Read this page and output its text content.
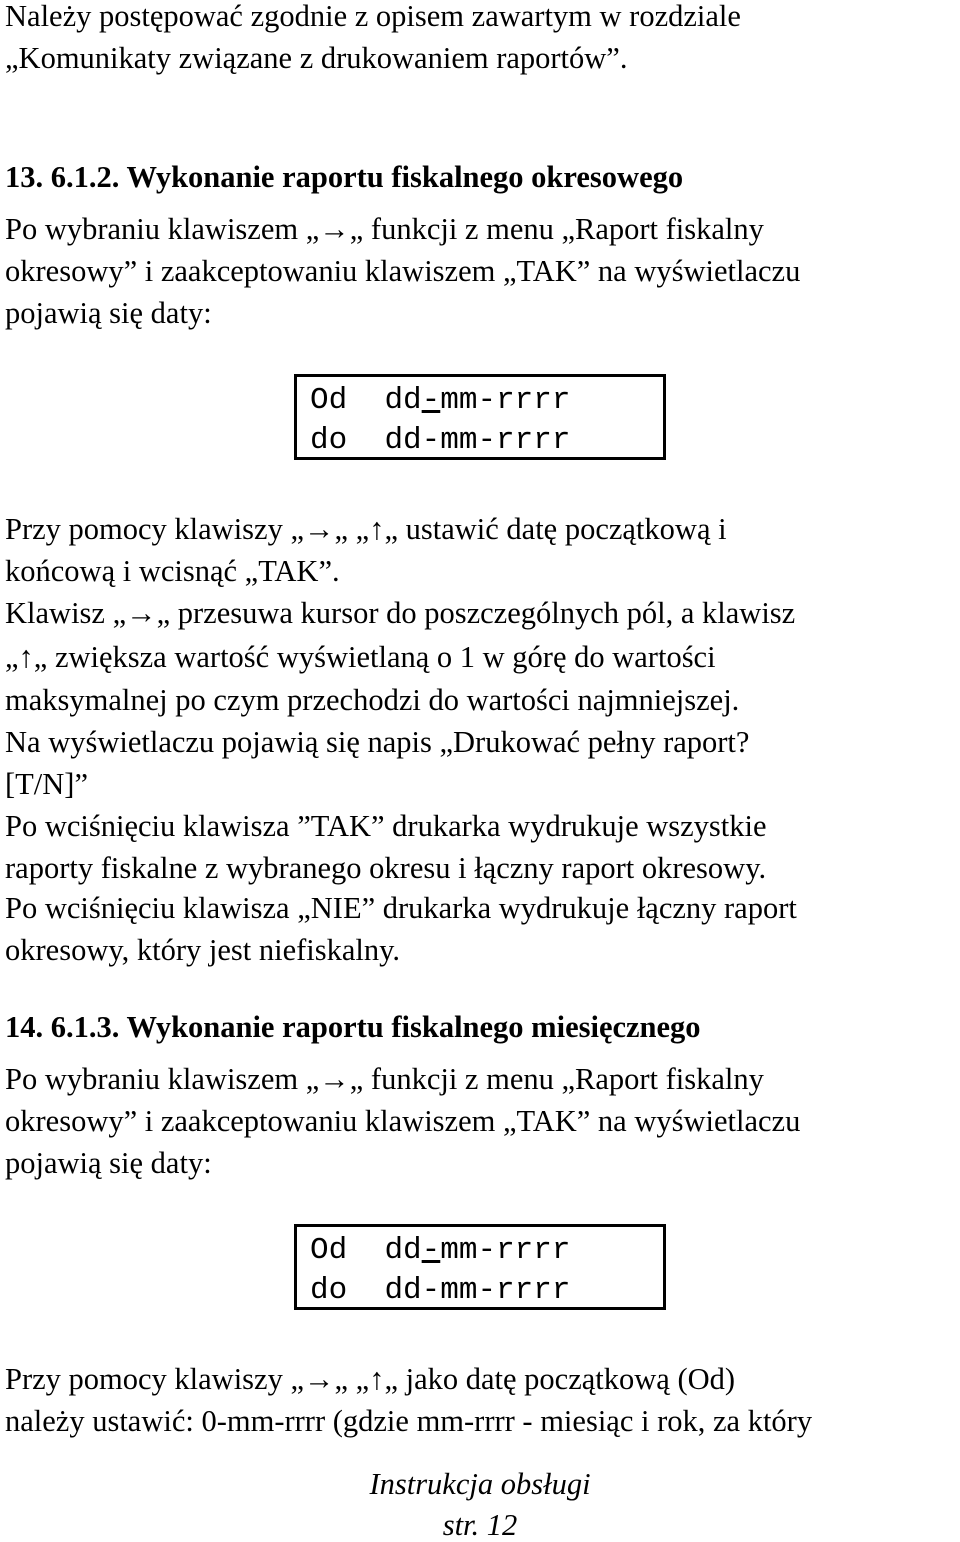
Należy postępować zgodnie z opisem zawartym w rozdziale

„Komunikaty związane z drukowaniem raportów”.

13. 6.1.2. Wykonanie raportu fiskalnego okresowego

Po wybraniu klawiszem „→„ funkcji z menu „Raport fiskalny

okresowy” i zaakceptowaniu klawiszem „TAK” na wyświetlaczu

pojawią się daty:

Od dd-mm-rrrr
do dd-mm-rrrr

Przy pomocy klawiszy „→„ „↑„ ustawić datę początkową i

końcową i wcisnąć „TAK”.

Klawisz „→„ przesuwa kursor do poszczególnych pól, a klawisz

„↑„ zwiększa wartość wyświetlaną o 1 w górę do wartości

maksymalnej po czym przechodzi do wartości najmniejszej.

Na wyświetlaczu pojawią się napis „Drukować pełny raport?

[T/N]”

Po wciśnięciu klawisza ”TAK” drukarka wydrukuje wszystkie

raporty fiskalne z wybranego okresu i łączny raport okresowy.

Po wciśnięciu klawisza „NIE” drukarka wydrukuje łączny raport

okresowy, który jest niefiskalny.

14. 6.1.3. Wykonanie raportu fiskalnego miesięcznego

Po wybraniu klawiszem „→„ funkcji z menu „Raport fiskalny

okresowy” i zaakceptowaniu klawiszem „TAK” na wyświetlaczu

pojawią się daty:

Od dd-mm-rrrr
do dd-mm-rrrr

Przy pomocy klawiszy „→„ „↑„ jako datę początkową (Od)

należy ustawić: 0-mm-rrrr (gdzie mm-rrrr - miesiąc i rok, za który

Instrukcja obsługi
str. 12
